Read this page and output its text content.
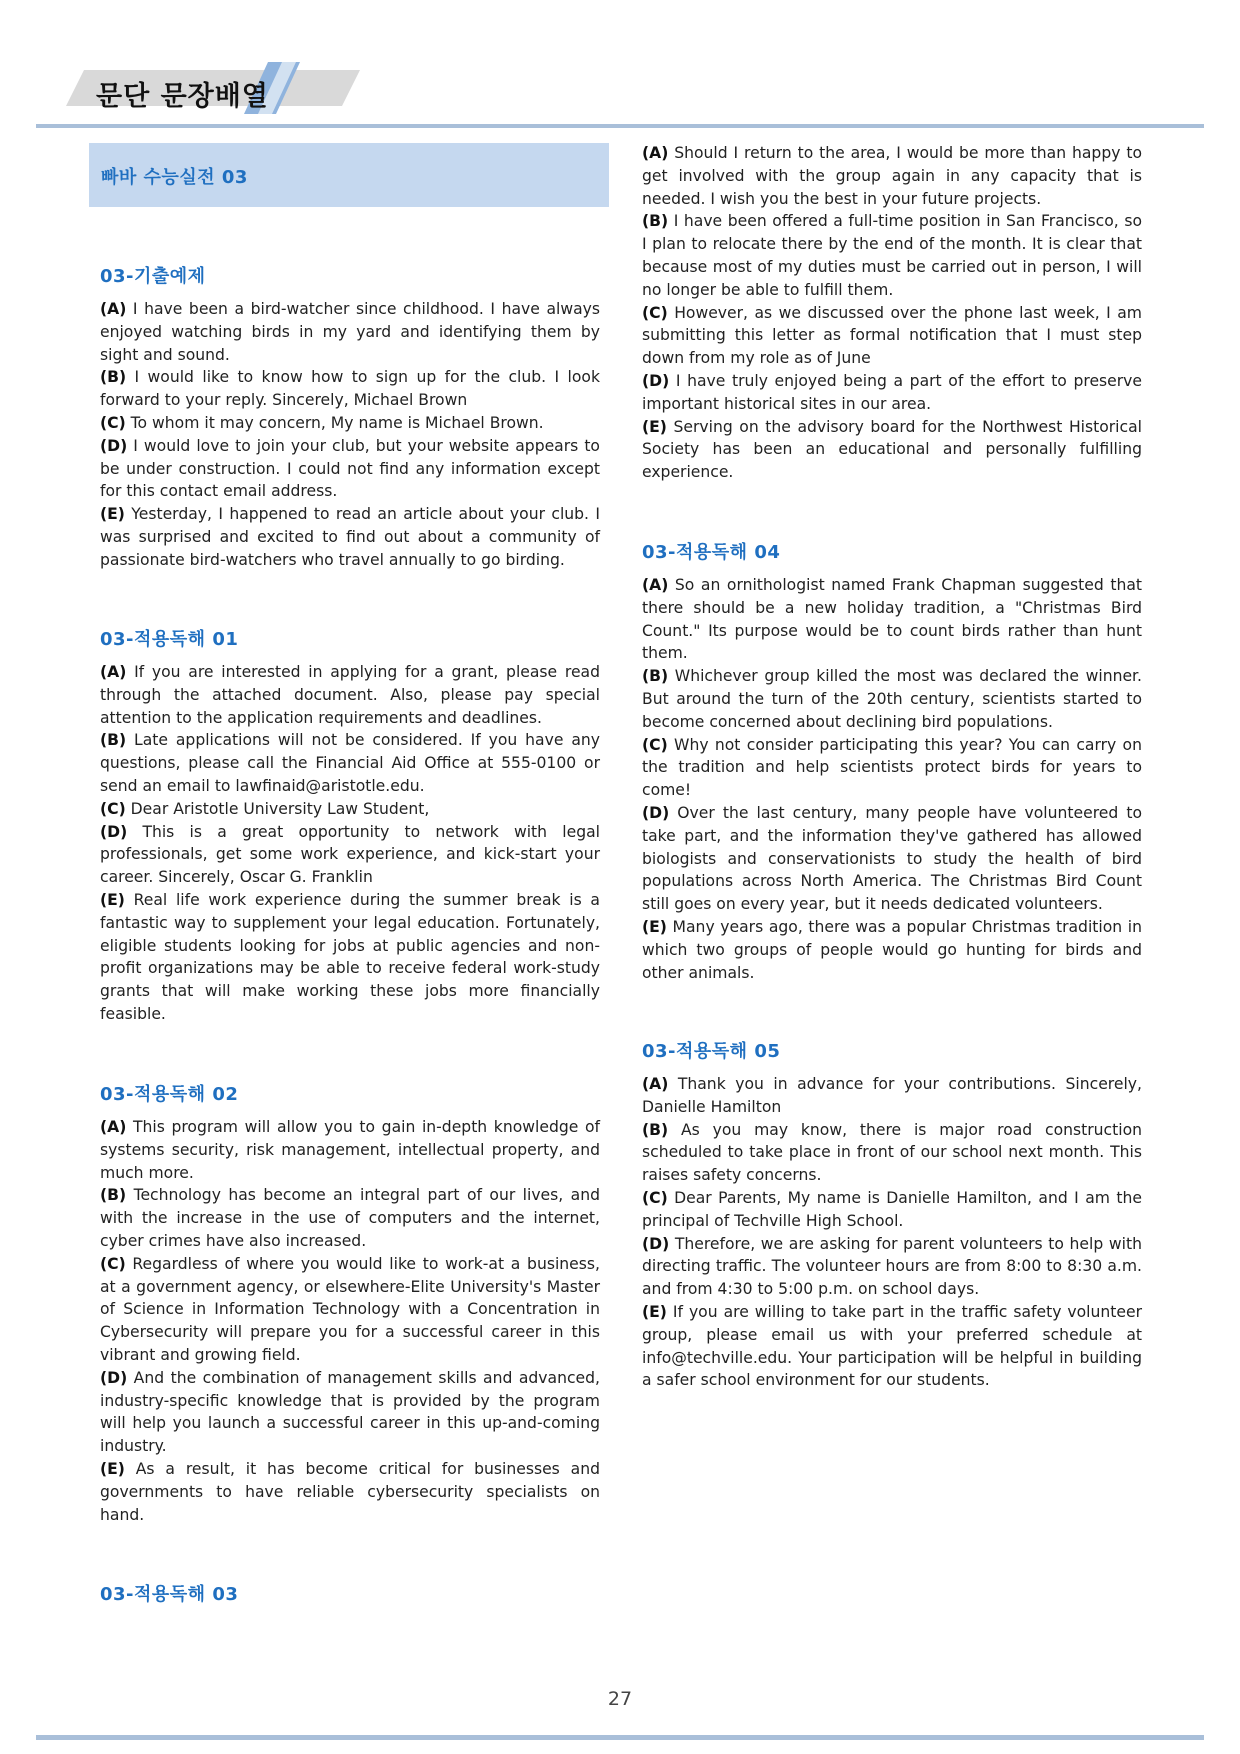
문단 문장배열
빠바 수능실전 03
03-기출예제

(A) I have been a bird-watcher since childhood. I have always enjoyed watching birds in my yard and identifying them by sight and sound.
(B) I would like to know how to sign up for the club. I look forward to your reply. Sincerely, Michael Brown
(C) To whom it may concern, My name is Michael Brown.
(D) I would love to join your club, but your website appears to be under construction. I could not find any information except for this contact email address.
(E) Yesterday, I happened to read an article about your club. I was surprised and excited to find out about a community of passionate bird-watchers who travel annually to go birding.

03-적용독해 01

(A) If you are interested in applying for a grant, please read through the attached document. Also, please pay special attention to the application requirements and deadlines.
(B) Late applications will not be considered. If you have any questions, please call the Financial Aid Office at 555-0100 or send an email to lawfinaid@aristotle.edu.
(C) Dear Aristotle University Law Student,
(D) This is a great opportunity to network with legal professionals, get some work experience, and kick-start your career. Sincerely, Oscar G. Franklin
(E) Real life work experience during the summer break is a fantastic way to supplement your legal education. Fortunately, eligible students looking for jobs at public agencies and non-profit organizations may be able to receive federal work-study grants that will make working these jobs more financially feasible.

03-적용독해 02

(A) This program will allow you to gain in-depth knowledge of systems security, risk management, intellectual property, and much more.
(B) Technology has become an integral part of our lives, and with the increase in the use of computers and the internet, cyber crimes have also increased.
(C) Regardless of where you would like to work-at a business, at a government agency, or elsewhere-Elite University's Master of Science in Information Technology with a Concentration in Cybersecurity will prepare you for a successful career in this vibrant and growing field.
(D) And the combination of management skills and advanced, industry-specific knowledge that is provided by the program will help you launch a successful career in this up-and-coming industry.
(E) As a result, it has become critical for businesses and governments to have reliable cybersecurity specialists on hand.

03-적용독해 03

(A) Should I return to the area, I would be more than happy to get involved with the group again in any capacity that is needed. I wish you the best in your future projects.
(B) I have been offered a full-time position in San Francisco, so I plan to relocate there by the end of the month. It is clear that because most of my duties must be carried out in person, I will no longer be able to fulfill them.
(C) However, as we discussed over the phone last week, I am submitting this letter as formal notification that I must step down from my role as of June
(D) I have truly enjoyed being a part of the effort to preserve important historical sites in our area.
(E) Serving on the advisory board for the Northwest Historical Society has been an educational and personally fulfilling experience.

03-적용독해 04

(A) So an ornithologist named Frank Chapman suggested that there should be a new holiday tradition, a "Christmas Bird Count." Its purpose would be to count birds rather than hunt them.
(B) Whichever group killed the most was declared the winner. But around the turn of the 20th century, scientists started to become concerned about declining bird populations.
(C) Why not consider participating this year? You can carry on the tradition and help scientists protect birds for years to come!
(D) Over the last century, many people have volunteered to take part, and the information they've gathered has allowed biologists and conservationists to study the health of bird populations across North America. The Christmas Bird Count still goes on every year, but it needs dedicated volunteers.
(E) Many years ago, there was a popular Christmas tradition in which two groups of people would go hunting for birds and other animals.

03-적용독해 05

(A) Thank you in advance for your contributions. Sincerely, Danielle Hamilton
(B) As you may know, there is major road construction scheduled to take place in front of our school next month. This raises safety concerns.
(C) Dear Parents, My name is Danielle Hamilton, and I am the principal of Techville High School.
(D) Therefore, we are asking for parent volunteers to help with directing traffic. The volunteer hours are from 8:00 to 8:30 a.m. and from 4:30 to 5:00 p.m. on school days.
(E) If you are willing to take part in the traffic safety volunteer group, please email us with your preferred schedule at info@techville.edu. Your participation will be helpful in building a safer school environment for our students.

27
